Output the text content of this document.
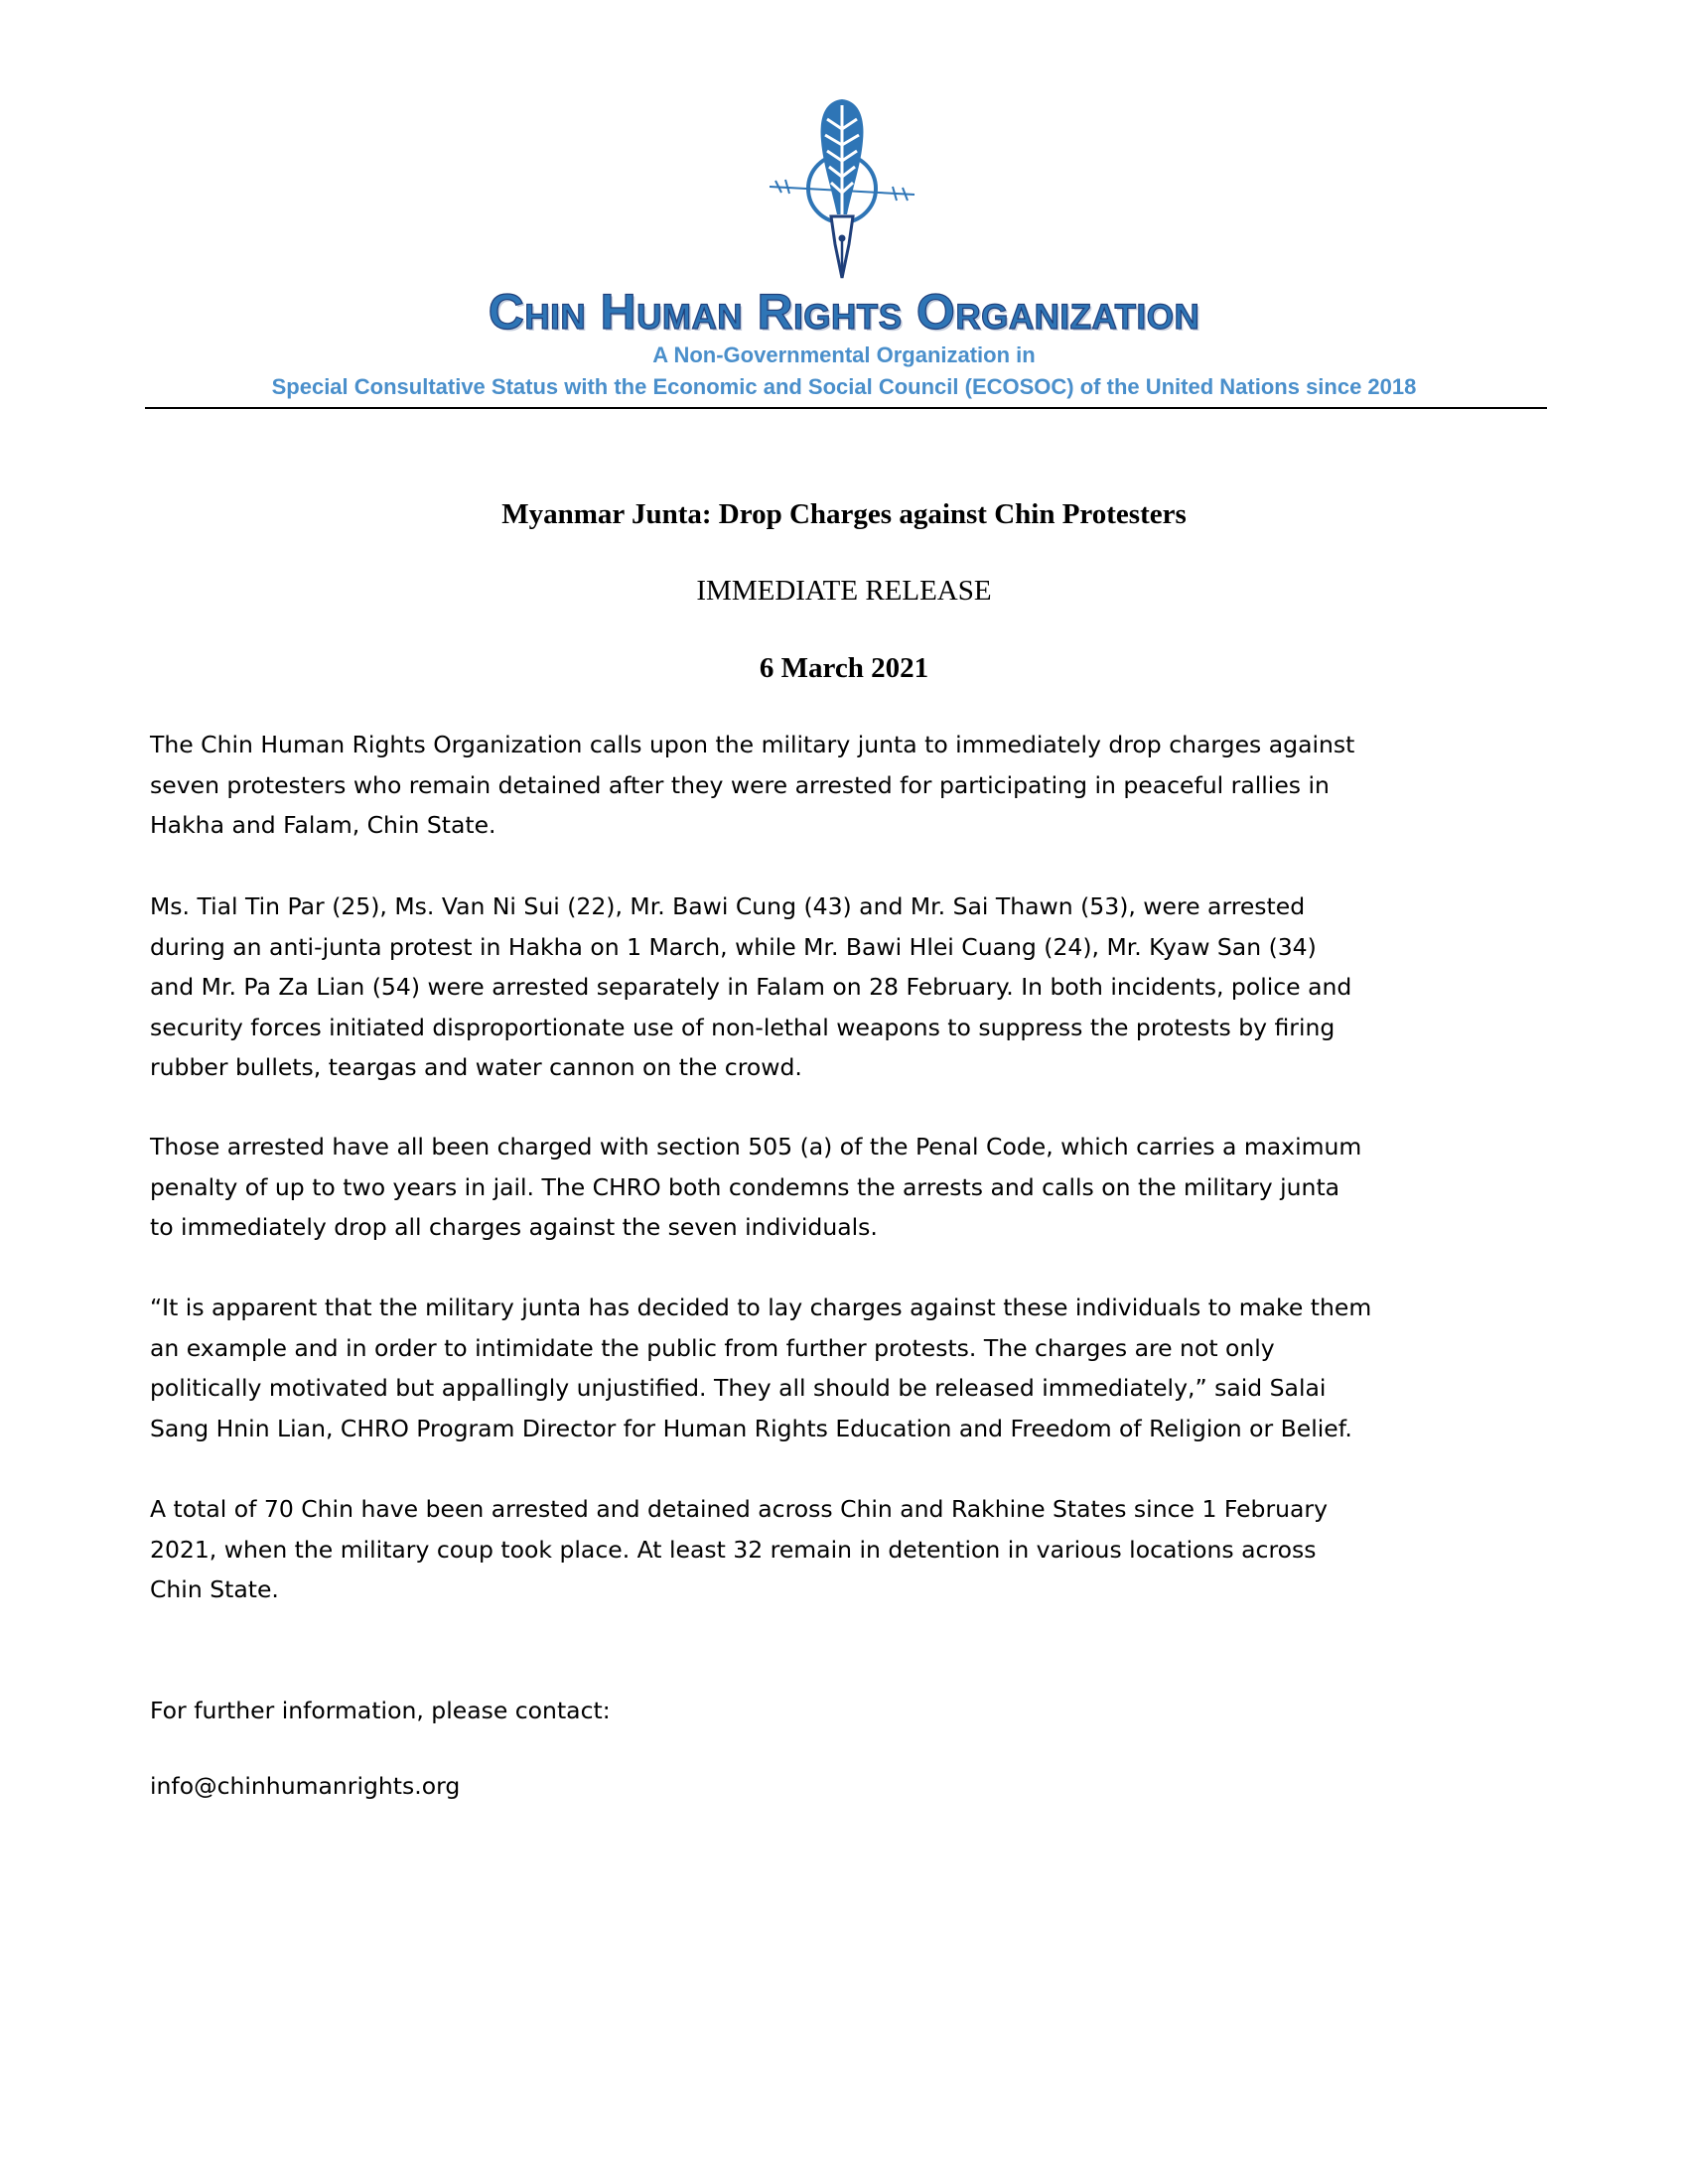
Chin Human Rights Organization
A Non-Governmental Organization in
Special Consultative Status with the Economic and Social Council (ECOSOC) of the United Nations since 2018
Myanmar Junta: Drop Charges against Chin Protesters
IMMEDIATE RELEASE
6 March 2021

The Chin Human Rights Organization calls upon the military junta to immediately drop charges against
seven protesters who remain detained after they were arrested for participating in peaceful rallies in
Hakha and Falam, Chin State.

Ms. Tial Tin Par (25), Ms. Van Ni Sui (22), Mr. Bawi Cung (43) and Mr. Sai Thawn (53), were arrested
during an anti-junta protest in Hakha on 1 March, while Mr. Bawi Hlei Cuang (24), Mr. Kyaw San (34)
and Mr. Pa Za Lian (54) were arrested separately in Falam on 28 February. In both incidents, police and
security forces initiated disproportionate use of non-lethal weapons to suppress the protests by firing
rubber bullets, teargas and water cannon on the crowd.

Those arrested have all been charged with section 505 (a) of the Penal Code, which carries a maximum
penalty of up to two years in jail. The CHRO both condemns the arrests and calls on the military junta
to immediately drop all charges against the seven individuals.

“It is apparent that the military junta has decided to lay charges against these individuals to make them
an example and in order to intimidate the public from further protests. The charges are not only
politically motivated but appallingly unjustified. They all should be released immediately,” said Salai
Sang Hnin Lian, CHRO Program Director for Human Rights Education and Freedom of Religion or Belief.

A total of 70 Chin have been arrested and detained across Chin and Rakhine States since 1 February
2021, when the military coup took place. At least 32 remain in detention in various locations across
Chin State.

For further information, please contact:

info@chinhumanrights.org
